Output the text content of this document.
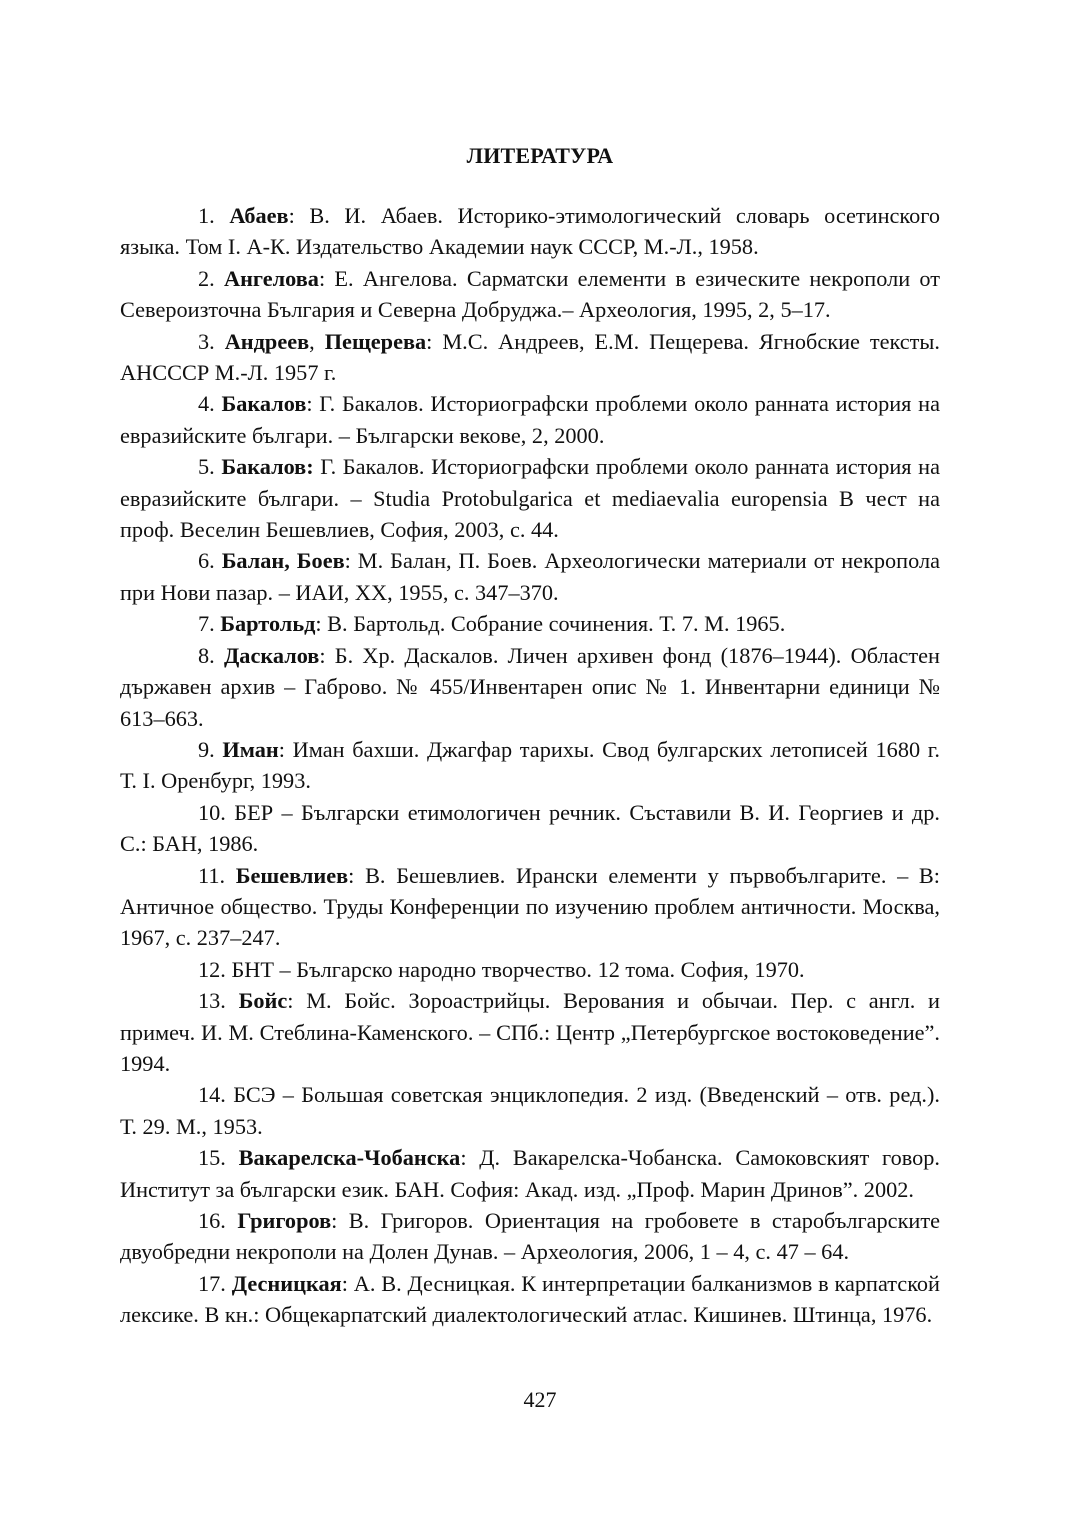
ЛИТЕРАТУРА

1. Абаев: В. И. Абаев. Историко-этимологический словарь осетинского языка. Том I. А-К. Издательство Академии наук СССР, М.-Л., 1958.

2. Ангелова: Е. Ангелова. Сарматски елементи в езическите некрополи от Североизточна България и Северна Добруджа.– Археология, 1995, 2, 5–17.

3. Андреев, Пещерева: М.С. Андреев, Е.М. Пещерева. Ягнобские тексты. АНСССР М.-Л. 1957 г.

4. Бакалов: Г. Бакалов. Историографски проблеми около ранната история на евразийските българи. – Български векове, 2, 2000.

5. Бакалов: Г. Бакалов. Историографски проблеми около ранната история на евразийските българи. – Studia Protobulgarica et mediaevalia europensia В чест на проф. Веселин Бешевлиев, София, 2003, с. 44.

6. Балан, Боев: М. Балан, П. Боев. Археологически материали от некропола при Нови пазар. – ИАИ, ХХ, 1955, с. 347–370.

7. Бартольд: В. Бартольд. Собрание сочинения. Т. 7. М. 1965.

8. Даскалов: Б. Хр. Даскалов. Личен архивен фонд (1876–1944). Областен държавен архив – Габрово. № 455/Инвентарен опис № 1. Инвентарни единици № 613–663.

9. Иман: Иман бахши. Джагфар тарихы. Свод булгарских летописей 1680 г. Т. I. Оренбург, 1993.

10. БЕР – Български етимологичен речник. Съставили В. И. Георгиев и др. С.: БАН, 1986.

11. Бешевлиев: В. Бешевлиев. Ирански елементи у първобългарите. – В: Античное общество. Труды Конференции по изучению проблем античности. Москва, 1967, с. 237–247.

12. БНТ – Българско народно творчество. 12 тома. София, 1970.

13. Бойс: М. Бойс. Зороастрийцы. Верования и обычаи. Пер. с англ. и примеч. И. М. Стеблина-Каменского. – СПб.: Центр „Петербургское востоковедение”. 1994.

14. БСЭ – Большая советская энциклопедия. 2 изд. (Введенский – отв. ред.). Т. 29. М., 1953.

15. Вакарелска-Чобанска: Д. Вакарелска-Чобанска. Самоковският говор. Институт за български език. БАН. София: Акад. изд. „Проф. Марин Дринов”. 2002.

16. Григоров: В. Григоров. Ориентация на гробовете в старобългарските двуобредни некрополи на Долен Дунав. – Археология, 2006, 1 – 4, с. 47 – 64.

17. Десницкая: А. В. Десницкая. К интерпретации балканизмов в карпатской лексике. В кн.: Общекарпатский диалектологический атлас. Кишинев. Штинца, 1976.

427
